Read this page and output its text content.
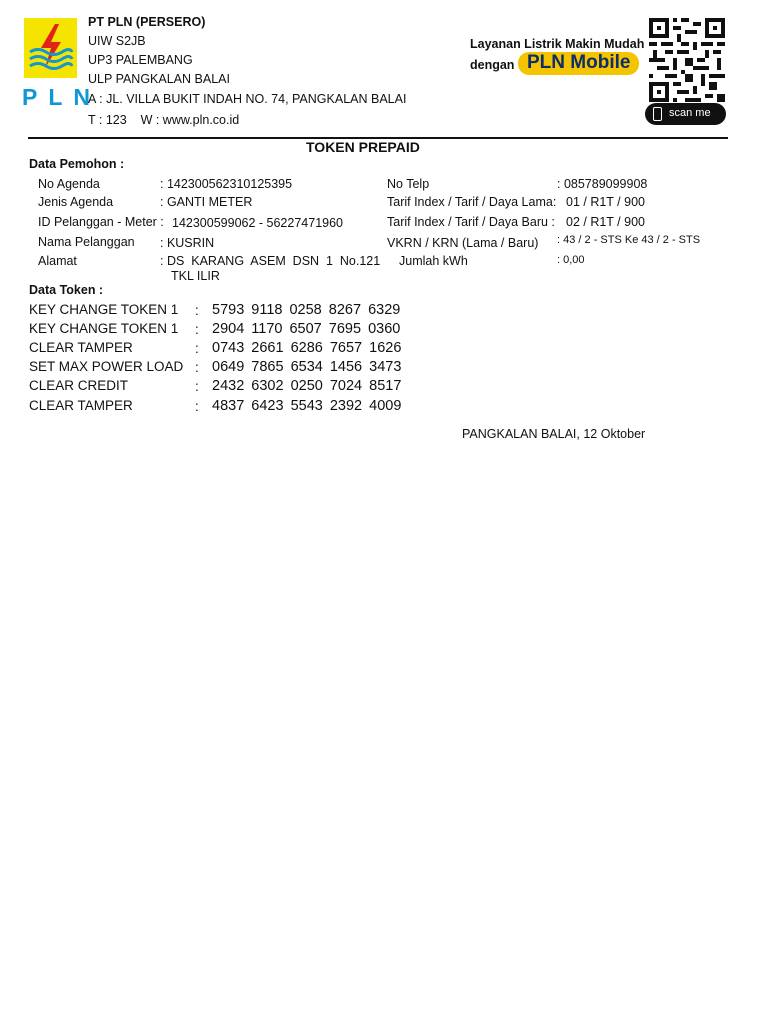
PLN
PT PLN (PERSERO)
UIW S2JB
UP3 PALEMBANG
ULP PANGKALAN BALAI
A : JL. VILLA BUKIT INDAH NO. 74, PANGKALAN BALAI
T : 123    W : www.pln.co.id
Layanan Listrik Makin Mudah
dengan PLN Mobile
scan me
TOKEN PREPAID
Data Pemohon :
No Agenda	: 142300562310125395
Jenis Agenda	: GANTI METER
ID Pelanggan - Meter : 142300599062 - 56227471960
Nama Pelanggan : KUSRIN
Alamat	: DS  KARANG  ASEM  DSN  1  No.121
TKL ILIR
No Telp	: 085789099908
Tarif Index / Tarif / Daya Lama: 01 / R1T / 900
Tarif Index / Tarif / Daya Baru : 02 / R1T / 900
VKRN / KRN (Lama / Baru) : 43 / 2 - STS Ke 43 / 2 - STS
Jumlah kWh	: 0,00
Data Token :
KEY CHANGE TOKEN 1 : 5793 9118 0258 8267 6329
KEY CHANGE TOKEN 1 : 2904 1170 6507 7695 0360
CLEAR TAMPER	: 0743 2661 6286 7657 1626
SET MAX POWER LOAD : 0649 7865 6534 1456 3473
CLEAR CREDIT	: 2432 6302 0250 7024 8517
CLEAR TAMPER	: 4837 6423 5543 2392 4009
PANGKALAN BALAI, 12 Oktober
